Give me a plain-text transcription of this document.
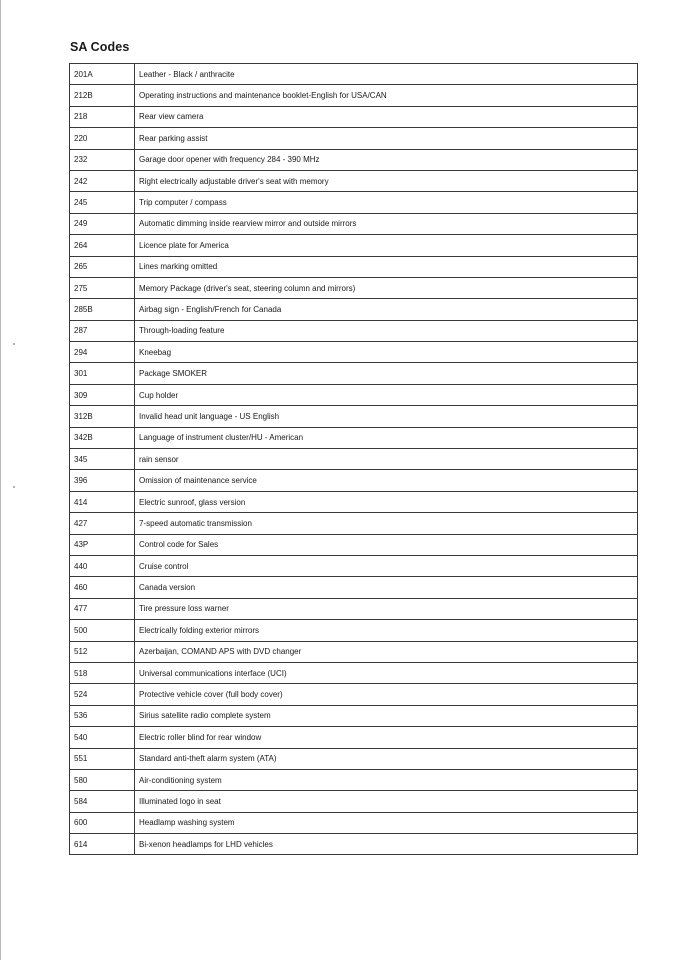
SA Codes
201A	Leather - Black / anthracite
212B	Operating instructions and maintenance booklet-English for USA/CAN
218	Rear view camera
220	Rear parking assist
232	Garage door opener with frequency 284 - 390 MHz
242	Right electrically adjustable driver's seat with memory
245	Trip computer / compass
249	Automatic dimming inside rearview mirror and outside mirrors
264	Licence plate for America
265	Lines marking omitted
275	Memory Package (driver's seat, steering column and mirrors)
285B	Airbag sign - English/French for Canada
287	Through-loading feature
294	Kneebag
301	Package SMOKER
309	Cup holder
312B	Invalid head unit language - US English
342B	Language of instrument cluster/HU - American
345	rain sensor
396	Omission of maintenance service
414	Electric sunroof, glass version
427	7-speed automatic transmission
43P	Control code for Sales
440	Cruise control
460	Canada version
477	Tire pressure loss warner
500	Electrically folding exterior mirrors
512	Azerbaijan, COMAND APS with DVD changer
518	Universal communications interface (UCI)
524	Protective vehicle cover (full body cover)
536	Sirius satellite radio complete system
540	Electric roller blind for rear window
551	Standard anti-theft alarm system (ATA)
580	Air-conditioning system
584	Illuminated logo in seat
600	Headlamp washing system
614	Bi-xenon headlamps for LHD vehicles
